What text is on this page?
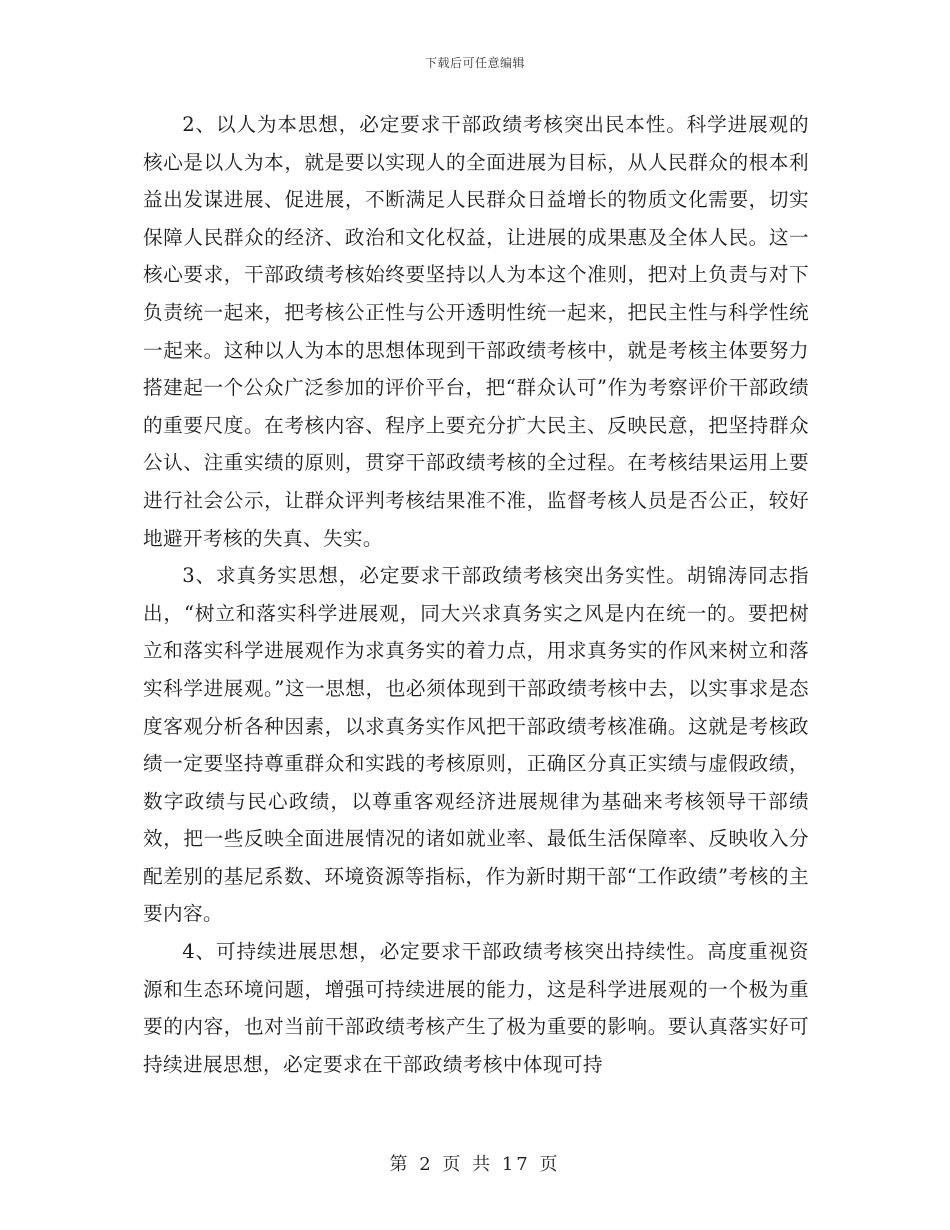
下载后可任意编辑

2、以人为本思想，必定要求干部政绩考核突出民本性。科学进展观的核心是以人为本，就是要以实现人的全面进展为目标，从人民群众的根本利益出发谋进展、促进展，不断满足人民群众日益增长的物质文化需要，切实保障人民群众的经济、政治和文化权益，让进展的成果惠及全体人民。这一核心要求，干部政绩考核始终要坚持以人为本这个准则，把对上负责与对下负责统一起来，把考核公正性与公开透明性统一起来，把民主性与科学性统一起来。这种以人为本的思想体现到干部政绩考核中，就是考核主体要努力搭建起一个公众广泛参加的评价平台，把“群众认可”作为考察评价干部政绩的重要尺度。在考核内容、程序上要充分扩大民主、反映民意，把坚持群众公认、注重实绩的原则，贯穿干部政绩考核的全过程。在考核结果运用上要进行社会公示，让群众评判考核结果准不准，监督考核人员是否公正，较好地避开考核的失真、失实。

3、求真务实思想，必定要求干部政绩考核突出务实性。胡锦涛同志指出，“树立和落实科学进展观，同大兴求真务实之风是内在统一的。要把树立和落实科学进展观作为求真务实的着力点，用求真务实的作风来树立和落实科学进展观。”这一思想，也必须体现到干部政绩考核中去，以实事求是态度客观分析各种因素，以求真务实作风把干部政绩考核准确。这就是考核政绩一定要坚持尊重群众和实践的考核原则，正确区分真正实绩与虚假政绩，数字政绩与民心政绩，以尊重客观经济进展规律为基础来考核领导干部绩效，把一些反映全面进展情况的诸如就业率、最低生活保障率、反映收入分配差别的基尼系数、环境资源等指标，作为新时期干部“工作政绩”考核的主要内容。

4、可持续进展思想，必定要求干部政绩考核突出持续性。高度重视资源和生态环境问题，增强可持续进展的能力，这是科学进展观的一个极为重要的内容，也对当前干部政绩考核产生了极为重要的影响。要认真落实好可持续进展思想，必定要求在干部政绩考核中体现可持

第 2 页 共 17 页
